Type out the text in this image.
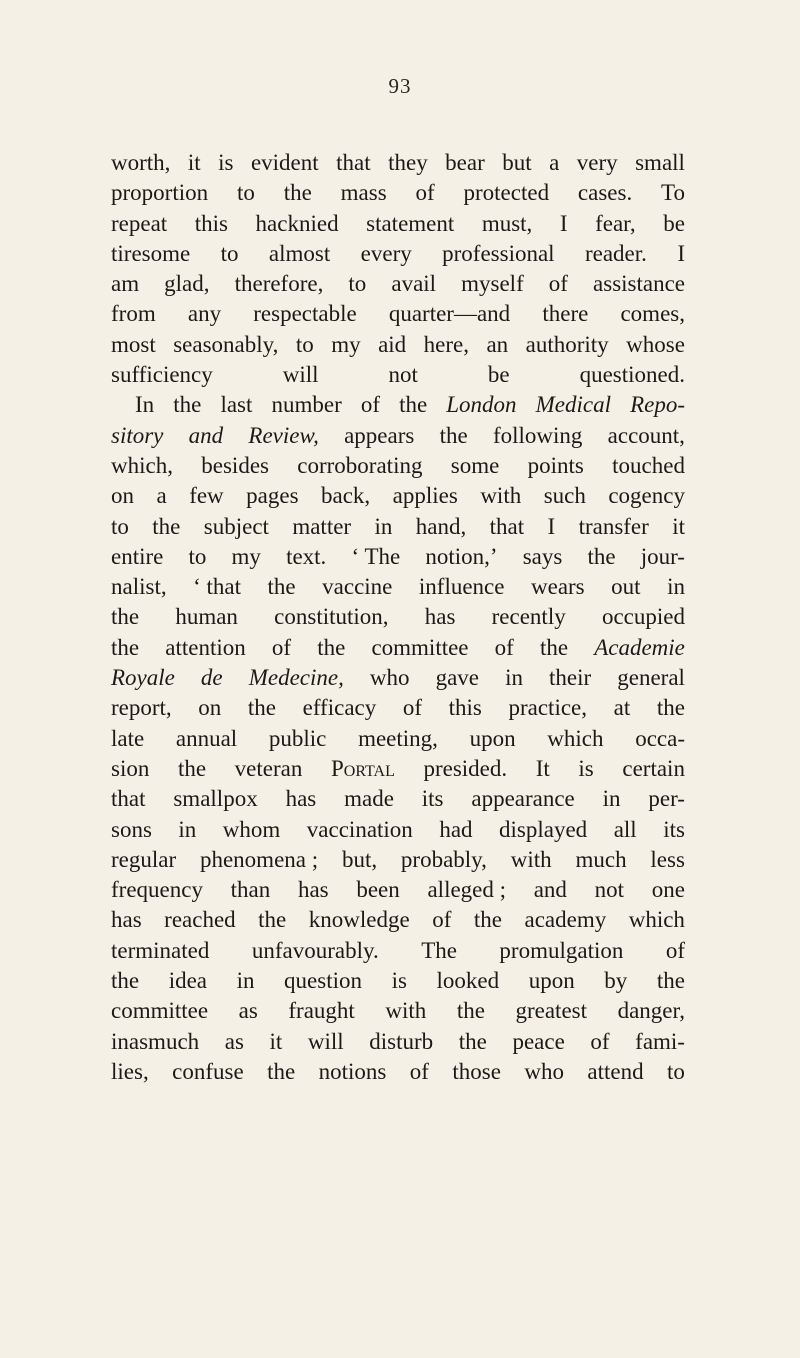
93
worth, it is evident that they bear but a very small
proportion to the mass of protected cases. To
repeat this hacknied statement must, I fear, be
tiresome to almost every professional reader. I
am glad, therefore, to avail myself of assistance
from any respectable quarter—and there comes,
most seasonably, to my aid here, an authority whose
sufficiency	will	not	be	questioned.
In the last number of the London Medical Repo-
sitory and Review, appears the following account,
which, besides corroborating some points touched
on a few pages back, applies with such cogency
to the subject matter in hand, that I transfer it
entire to my text. ‘ The notion,’ says the jour-
nalist, ‘ that the vaccine influence wears out in
the human constitution, has recently occupied
the attention of the committee of the Academie
Royale de Medecine, who gave in their general
report, on the efficacy of this practice, at the
late annual public meeting, upon which occa-
sion the veteran Portal presided. It is certain
that smallpox has made its appearance in per-
sons in whom vaccination had displayed all its
regular phenomena ; but, probably, with much less
frequency than has been alleged ; and not one
has reached the knowledge of the academy which
terminated unfavourably. The promulgation of
the idea in question is looked upon by the
committee as fraught with the greatest danger,
inasmuch as it will disturb the peace of fami-
lies, confuse the notions of those who attend to
